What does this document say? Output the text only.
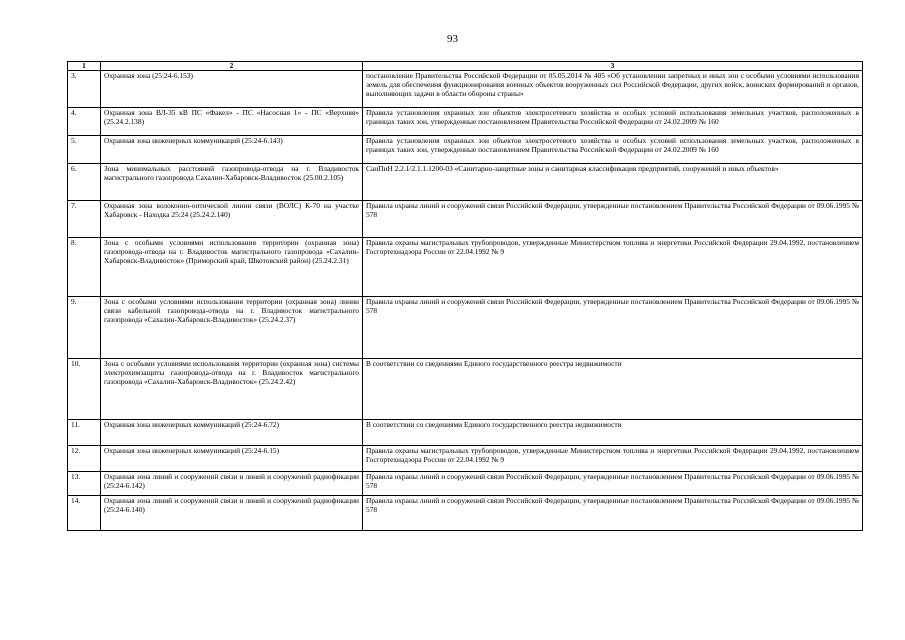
93
1	2	3
3.	Охранная зона (25:24-6.153)	постановление Правительства Российской Федерации от 05.05.2014 № 405 «Об установлении запретных и иных зон с особыми условиями использования земель для обеспечения функционирования военных объектов вооруженных сил Российской Федерации, других войск, воинских формирований и органов, выполняющих задачи в области обороны страны»
4.	Охранная зона ВЛ-35 кВ ПС «Факел» - ПС «Насосная 1» - ПС «Верхняя» (25.24.2.138)	Правила установления охранных зон объектов электросетевого хозяйства и особых условий использования земельных участков, расположенных в границах таких зон, утвержденные постановлением Правительства Российской Федерации от 24.02.2009 № 160
5.	Охранная зона инженерных коммуникаций (25:24-6.143)	Правила установления охранных зон объектов электросетевого хозяйства и особых условий использования земельных участков, расположенных в границах таких зон, утвержденные постановлением Правительства Российской Федерации от 24.02.2009 № 160
6.	Зона минимальных расстояний газопровода-отвода на г. Владивосток магистрального газопровода Сахалин-Хабаровск-Владивосток (25.00.2.105)	СанПиН 2.2.1/2.1.1.1200-03 «Санитарно-защитные зоны и санитарная классификация предприятий, сооружений и иных объектов»
7.	Охранная зона волоконно-оптической линии связи (ВОЛС) К-70 на участке Хабаровск - Находка 25:24 (25.24.2.140)	Правила охраны линий и сооружений связи Российской Федерации, утвержденные постановлением Правительства Российской Федерации от 09.06.1995 № 578
8.	Зона с особыми условиями использования территории (охранная зона) газопровода-отвода на г. Владивосток магистрального газопровода «Сахалин-Хабаровск-Владивосток» (Приморский край, Шкотовский район) (25.24.2.31)	Правила охраны магистральных трубопроводов, утвержденные Министерством топлива и энергетики Российской Федерации 29.04.1992, постановлением Госгортехнадзора России от 22.04.1992 № 9
9.	Зона с особыми условиями использования территории (охранная зона) линии связи кабельной газопровода-отвода на г. Владивосток магистрального газопровода «Сахалин-Хабаровск-Владивосток» (25.24.2.37)	Правила охраны линий и сооружений связи Российской Федерации, утвержденные постановлением Правительства Российской Федерации от 09.06.1995 № 578
10.	Зона с особыми условиями использования территории (охранная зона) системы электрохимзащиты газопровода-отвода на г. Владивосток магистрального газопровода «Сахалин-Хабаровск-Владивосток» (25.24.2.42)	В соответствии со сведениями Единого государственного реестра недвижимости
11.	Охранная зона инженерных коммуникаций (25:24-6.72)	В соответствии со сведениями Единого государственного реестра недвижимости
12.	Охранная зона инженерных коммуникаций (25:24-6.15)	Правила охраны магистральных трубопроводов, утвержденные Министерством топлива и энергетики Российской Федерации 29.04.1992, постановлением Госгортехнадзора России от 22.04.1992 № 9
13.	Охранная зона линий и сооружений связи и линий и сооружений радиофикации (25:24-6.142)	Правила охраны линий и сооружений связи Российской Федерации, утвержденные постановлением Правительства Российской Федерации от 09.06.1995 № 578
14.	Охранная зона линий и сооружений связи и линий и сооружений радиофикации (25:24-6.140)	Правила охраны линий и сооружений связи Российской Федерации, утвержденные постановлением Правительства Российской Федерации от 09.06.1995 № 578
